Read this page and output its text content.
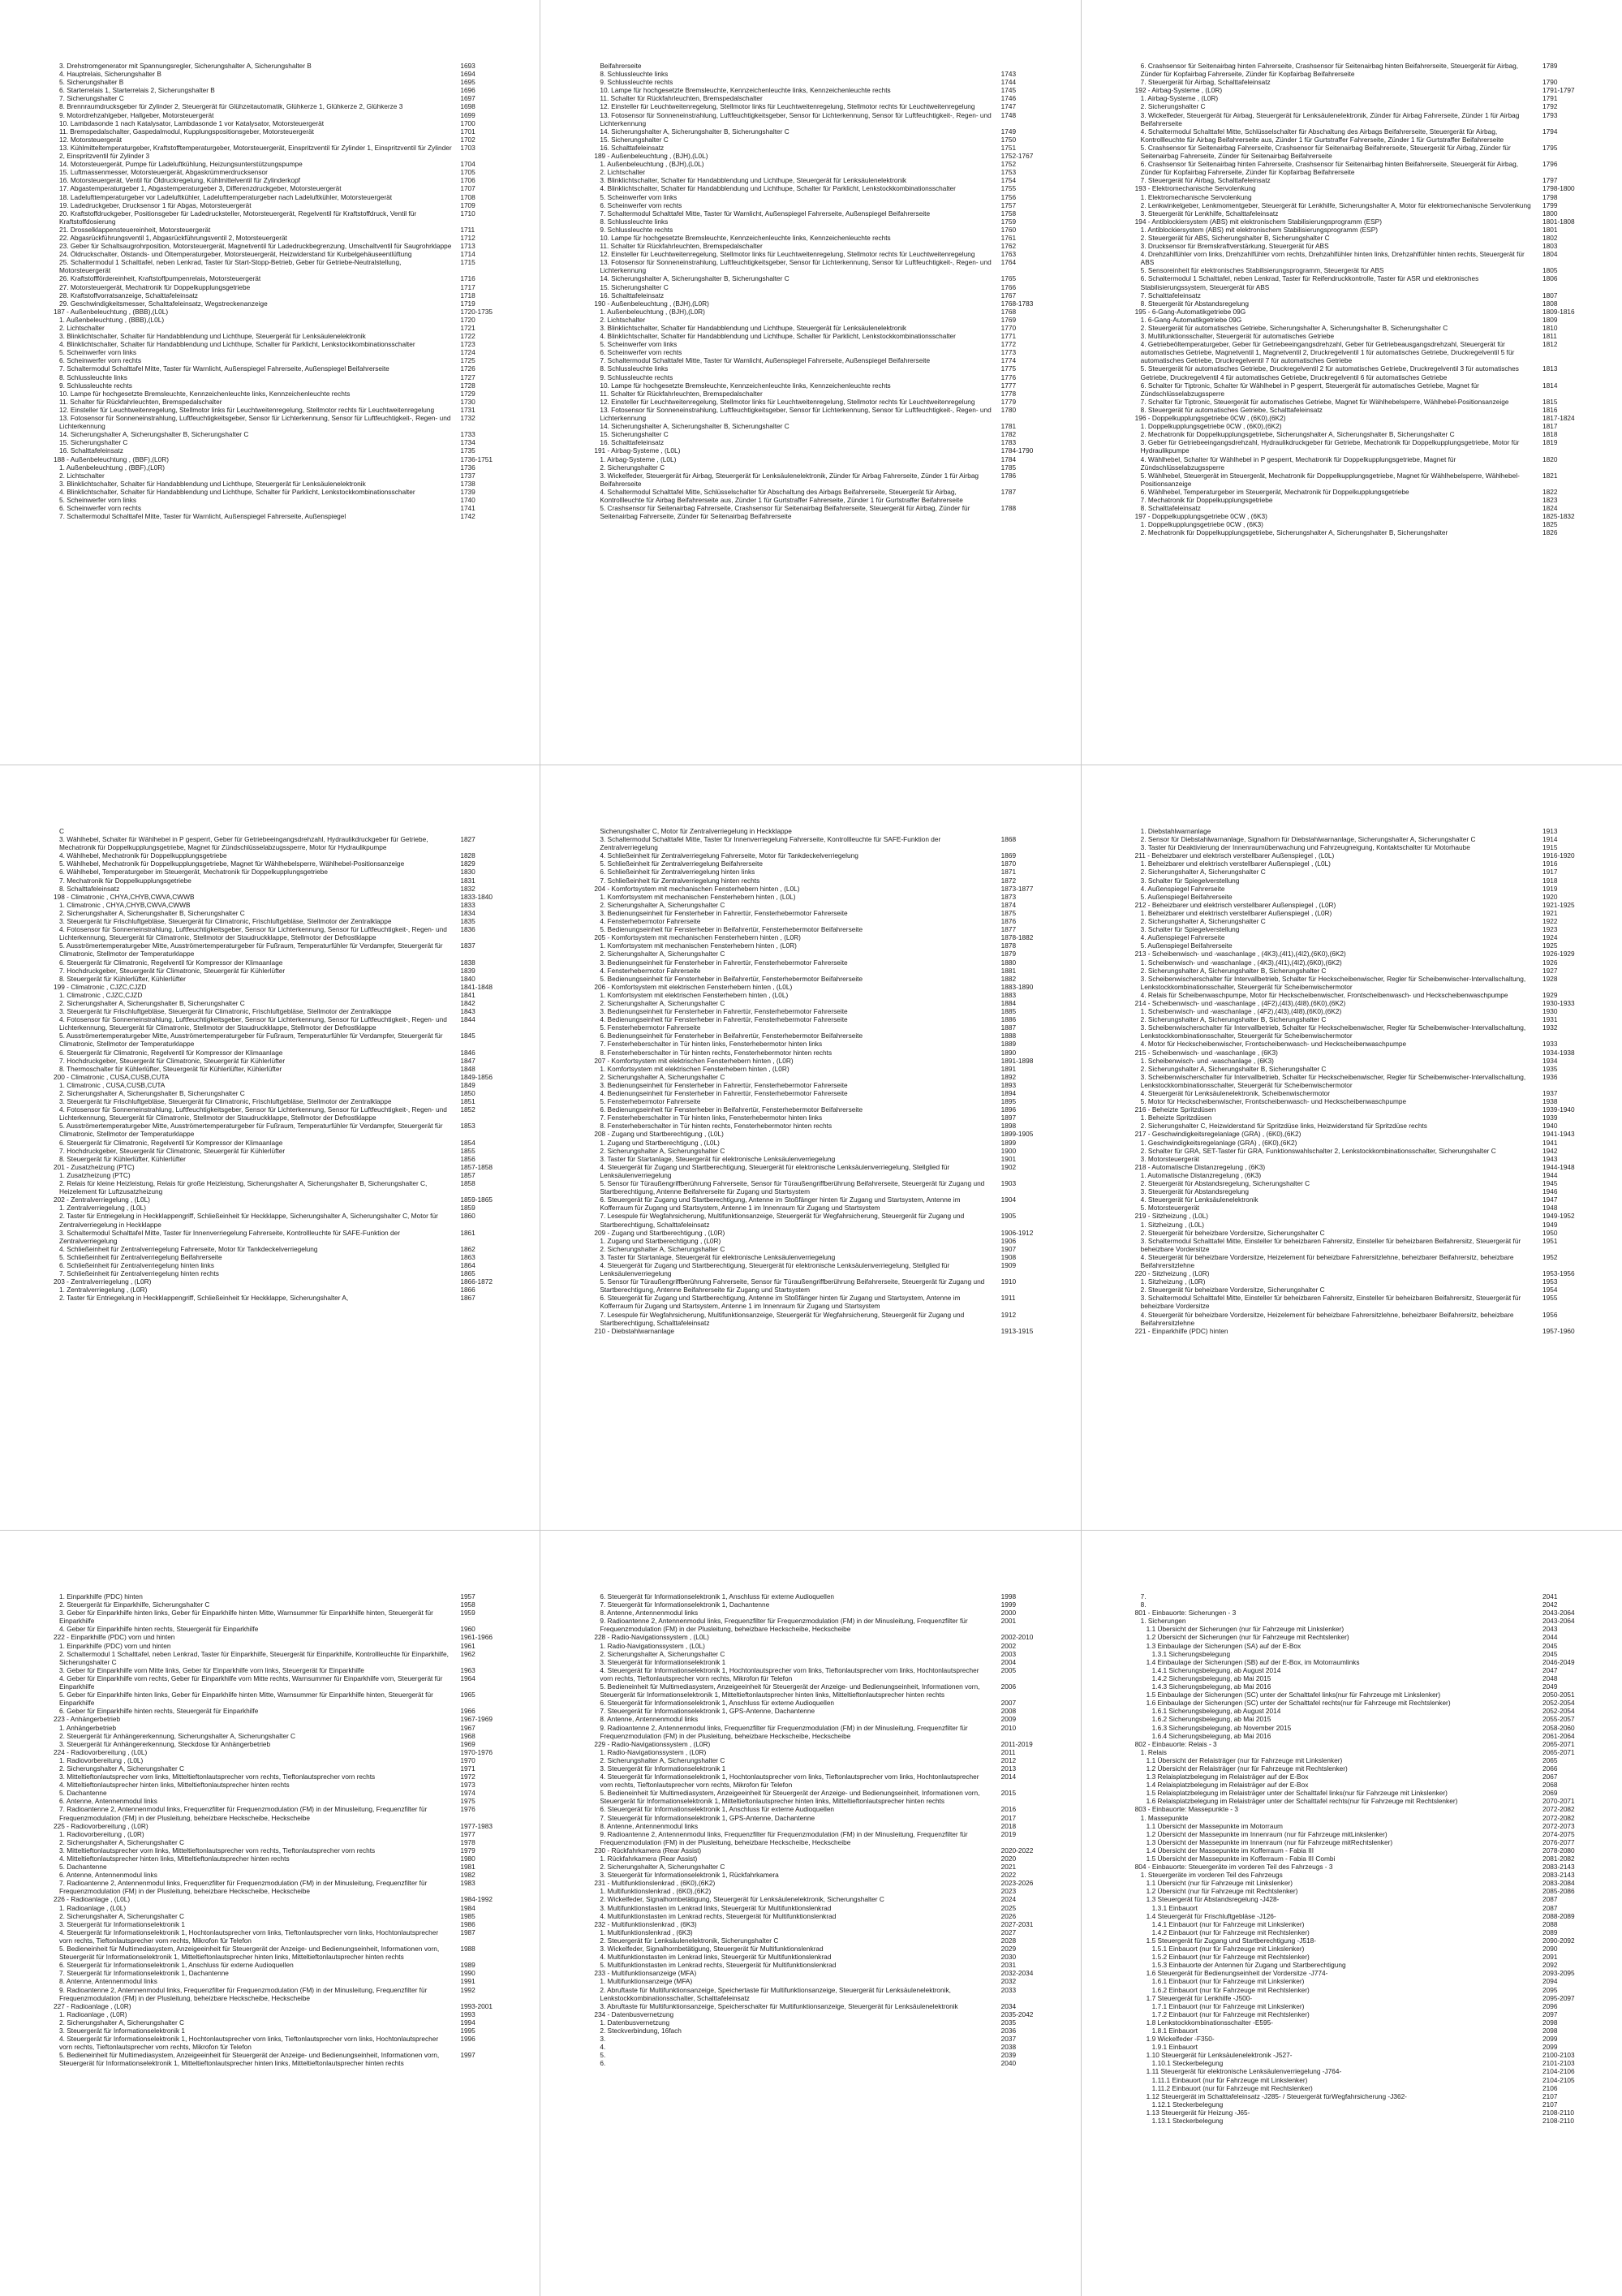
3. Drehstromgenerator mit Spannungsregler, Sicherungshalter A, Sicherungshalter B	1693
4. Hauptrelais, Sicherungshalter B	1694
5. Sicherungshalter B	1695
6. Starterrelais 1, Starterrelais 2, Sicherungshalter B	1696
7. Sicherungshalter C	1697
8. Brennraumdrucksgeber für Zylinder 2, Steuergerät für Glühzeitautomatik, Glühkerze 1, Glühkerze 2, Glühkerze 3	1698
9. Motordrehzahlgeber, Hallgeber, Motorsteuergerät	1699
10. Lambdasonde 1 nach Katalysator, Lambdasonde 1 vor Katalysator, Motorsteuergerät	1700
11. Bremspedalschalter, Gaspedalmodul, Kupplungspositionsgeber, Motorsteuergerät	1701
12. Motorsteuergerät	1702
13. Kühlmitteltemperaturgeber, Kraftstofftemperaturgeber, Motorsteuergerät, Einspritzventil für Zylinder 1, Einspritzventil für Zylinder 2, Einspritzventil für Zylinder 3
1703
14. Motorsteuergerät, Pumpe für Ladeluftkühlung, Heizungsunterstützungspumpe	1704
15. Luftmassenmesser, Motorsteuergerät, Abgaskrümmerdrucksensor	1705
16. Motorsteuergerät, Ventil für Öldruckregelung, Kühlmittelventil für Zylinderkopf	1706
17. Abgastemperaturgeber 1, Abgastemperaturgeber 3, Differenzdruckgeber, Motorsteuergerät	1707
18. Ladelufttemperaturgeber vor Ladeluftkühler, Ladelufttemperaturgeber nach Ladeluftkühler, Motorsteuergerät	1708
19. Ladedruckgeber, Drucksensor 1 für Abgas, Motorsteuergerät	1709
20. Kraftstoffdruckgeber, Positionsgeber für Ladedrucksteller, Motorsteuergerät, Regelventil für Kraftstoffdruck, Ventil für Kraftstoffdosierung
1710
21. Drosselklappensteuereinheit, Motorsteuergerät	1711
22. Abgasrückführungsventil 1, Abgasrückführungsventil 2, Motorsteuergerät	1712
23. Geber für Schaltsaugrohrposition, Motorsteuergerät, Magnetventil für Ladedruckbegrenzung, Umschaltventil für Saugrohrklappe	1713
24. Öldruckschalter, Ölstands- und Öltemperaturgeber, Motorsteuergerät, Heizwiderstand für Kurbelgehäuseentlüftung	1714
25. Schaltermodul 1 Schalttafel, neben Lenkrad, Taster für Start-Stopp-Betrieb, Geber für Getriebe-Neutralstellung, Motorsteuergerät
1715
26. Kraftstofffördereinheit, Kraftstoffpumpenrelais, Motorsteuergerät	1716
27. Motorsteuergerät, Mechatronik für Doppelkupplungsgetriebe	1717
28. Kraftstoffvorratsanzeige, Schalttafeleinsatz	1718
29. Geschwindigkeitsmesser, Schalttafeleinsatz, Wegstreckenanzeige	1719
187 - Außenbeleuchtung , (BBB),(L0L)	1720-1735
1. Außenbeleuchtung , (BBB),(L0L)	1720
2. Lichtschalter	1721
3. Blinklichtschalter, Schalter für Handabblendung und Lichthupe, Steuergerät für Lenksäulenelektronik	1722
4. Blinklichtschalter, Schalter für Handabblendung und Lichthupe, Schalter für Parklicht, Lenkstockkombinationsschalter	1723
5. Scheinwerfer vorn links	1724
6. Scheinwerfer vorn rechts	1725
7. Schaltermodul Schalttafel Mitte, Taster für Warnlicht, Außenspiegel Fahrerseite, Außenspiegel Beifahrerseite	1726
8. Schlussleuchte links	1727
9. Schlussleuchte rechts	1728
10. Lampe für hochgesetzte Bremsleuchte, Kennzeichenleuchte links, Kennzeichenleuchte rechts	1729
11. Schalter für Rückfahrleuchten, Bremspedalschalter	1730
12. Einsteller für Leuchtweitenregelung, Stellmotor links für Leuchtweitenregelung, Stellmotor rechts für Leuchtweitenregelung	1731
13. Fotosensor für Sonneneinstrahlung, Luftfeuchtigkeitsgeber, Sensor für Lichterkennung, Sensor für Luftfeuchtigkeit-, Regen- und Lichterkennung
1732
14. Sicherungshalter A, Sicherungshalter B, Sicherungshalter C	1733
15. Sicherungshalter C	1734
16. Schalttafeleinsatz	1735
188 - Außenbeleuchtung , (BBF),(L0R)	1736-1751
1. Außenbeleuchtung , (BBF),(L0R)	1736
2. Lichtschalter	1737
3. Blinklichtschalter, Schalter für Handabblendung und Lichthupe, Steuergerät für Lenksäulenelektronik	1738
4. Blinklichtschalter, Schalter für Handabblendung und Lichthupe, Schalter für Parklicht, Lenkstockkombinationsschalter	1739
5. Scheinwerfer vorn links	1740
6. Scheinwerfer vorn rechts	1741
7. Schaltermodul Schalttafel Mitte, Taster für Warnlicht, Außenspiegel Fahrerseite, Außenspiegel	1742
Beifahrerseite
8. Schlussleuchte links	1743
9. Schlussleuchte rechts	1744
10. Lampe für hochgesetzte Bremsleuchte, Kennzeichenleuchte links, Kennzeichenleuchte rechts	1745
11. Schalter für Rückfahrleuchten, Bremspedalschalter	1746
12. Einsteller für Leuchtweitenregelung, Stellmotor links für Leuchtweitenregelung, Stellmotor rechts für Leuchtweitenregelung	1747
13. Fotosensor für Sonneneinstrahlung, Luftfeuchtigkeitsgeber, Sensor für Lichterkennung, Sensor für Luftfeuchtigkeit-, Regen- und Lichterkennung
1748
14. Sicherungshalter A, Sicherungshalter B, Sicherungshalter C	1749
15. Sicherungshalter C	1750
16. Schalttafeleinsatz	1751
189 - Außenbeleuchtung , (BJH),(L0L)	1752-1767
1. Außenbeleuchtung , (BJH),(L0L)	1752
2. Lichtschalter	1753
3. Blinklichtschalter, Schalter für Handabblendung und Lichthupe, Steuergerät für Lenksäulenelektronik	1754
4. Blinklichtschalter, Schalter für Handabblendung und Lichthupe, Schalter für Parklicht, Lenkstockkombinationsschalter	1755
5. Scheinwerfer vorn links	1756
6. Scheinwerfer vorn rechts	1757
7. Schaltermodul Schalttafel Mitte, Taster für Warnlicht, Außenspiegel Fahrerseite, Außenspiegel Beifahrerseite	1758
8. Schlussleuchte links	1759
9. Schlussleuchte rechts	1760
10. Lampe für hochgesetzte Bremsleuchte, Kennzeichenleuchte links, Kennzeichenleuchte rechts	1761
11. Schalter für Rückfahrleuchten, Bremspedalschalter	1762
12. Einsteller für Leuchtweitenregelung, Stellmotor links für Leuchtweitenregelung, Stellmotor rechts für Leuchtweitenregelung	1763
13. Fotosensor für Sonneneinstrahlung, Luftfeuchtigkeitsgeber, Sensor für Lichterkennung, Sensor für Luftfeuchtigkeit-, Regen- und Lichterkennung
1764
14. Sicherungshalter A, Sicherungshalter B, Sicherungshalter C	1765
15. Sicherungshalter C	1766
16. Schalttafeleinsatz	1767
190 - Außenbeleuchtung , (BJH),(L0R)	1768-1783
1. Außenbeleuchtung , (BJH),(L0R)	1768
2. Lichtschalter	1769
3. Blinklichtschalter, Schalter für Handabblendung und Lichthupe, Steuergerät für Lenksäulenelektronik	1770
4. Blinklichtschalter, Schalter für Handabblendung und Lichthupe, Schalter für Parklicht, Lenkstockkombinationsschalter	1771
5. Scheinwerfer vorn links	1772
6. Scheinwerfer vorn rechts	1773
7. Schaltermodul Schalttafel Mitte, Taster für Warnlicht, Außenspiegel Fahrerseite, Außenspiegel Beifahrerseite	1774
8. Schlussleuchte links	1775
9. Schlussleuchte rechts	1776
10. Lampe für hochgesetzte Bremsleuchte, Kennzeichenleuchte links, Kennzeichenleuchte rechts	1777
11. Schalter für Rückfahrleuchten, Bremspedalschalter	1778
12. Einsteller für Leuchtweitenregelung, Stellmotor links für Leuchtweitenregelung, Stellmotor rechts für Leuchtweitenregelung	1779
13. Fotosensor für Sonneneinstrahlung, Luftfeuchtigkeitsgeber, Sensor für Lichterkennung, Sensor für Luftfeuchtigkeit-, Regen- und Lichterkennung
1780
14. Sicherungshalter A, Sicherungshalter B, Sicherungshalter C	1781
15. Sicherungshalter C	1782
16. Schalttafeleinsatz	1783
191 - Airbag-Systeme , (L0L)	1784-1790
1. Airbag-Systeme , (L0L)	1784
2. Sicherungshalter C	1785
3. Wickelfeder, Steuergerät für Airbag, Steuergerät für Lenksäulenelektronik, Zünder für Airbag Fahrerseite, Zünder 1 für Airbag Beifahrerseite
1786
4. Schaltermodul Schalttafel Mitte, Schlüsselschalter für Abschaltung des Airbags Beifahrerseite, Steuergerät für Airbag, Kontrollleuchte für Airbag Beifahrerseite aus, Zünder 1 für Gurtstraffer Fahrerseite, Zünder 1 für Gurtstraffer Beifahrerseite
1787
5. Crashsensor für Seitenairbag Fahrerseite, Crashsensor für Seitenairbag Beifahrerseite, Steuergerät für Airbag, Zünder für Seitenairbag Fahrerseite, Zünder für Seitenairbag Beifahrerseite
1788
6. Crashsensor für Seitenairbag hinten Fahrerseite, Crashsensor für Seitenairbag hinten Beifahrerseite, Steuergerät für Airbag, Zünder für Kopfairbag Fahrerseite, Zünder für Kopfairbag Beifahrerseite
1789
7. Steuergerät für Airbag, Schalttafeleinsatz	1790
192 - Airbag-Systeme , (L0R)	1791-1797
1. Airbag-Systeme , (L0R)	1791
2. Sicherungshalter C	1792
3. Wickelfeder, Steuergerät für Airbag, Steuergerät für Lenksäulenelektronik, Zünder für Airbag Fahrerseite, Zünder 1 für Airbag Beifahrerseite
1793
4. Schaltermodul Schalttafel Mitte, Schlüsselschalter für Abschaltung des Airbags Beifahrerseite, Steuergerät für Airbag, Kontrollleuchte für Airbag Beifahrerseite aus, Zünder 1 für Gurtstraffer Fahrerseite, Zünder 1 für Gurtstraffer Beifahrerseite
1794
5. Crashsensor für Seitenairbag Fahrerseite, Crashsensor für Seitenairbag Beifahrerseite, Steuergerät für Airbag, Zünder für Seitenairbag Fahrerseite, Zünder für Seitenairbag Beifahrerseite
1795
6. Crashsensor für Seitenairbag hinten Fahrerseite, Crashsensor für Seitenairbag hinten Beifahrerseite, Steuergerät für Airbag, Zünder für Kopfairbag Fahrerseite, Zünder für Kopfairbag Beifahrerseite
1796
7. Steuergerät für Airbag, Schalttafeleinsatz	1797
193 - Elektromechanische Servolenkung	1798-1800
1. Elektromechanische Servolenkung	1798
2. Lenkwinkelgeber, Lenkmomentgeber, Steuergerät für Lenkhilfe, Sicherungshalter A, Motor für elektromechanische Servolenkung	1799
3. Steuergerät für Lenkhilfe, Schalttafeleinsatz	1800
194 - Antiblockiersystem (ABS) mit elektronischem Stabilisierungsprogramm (ESP)	1801-1808
1. Antiblockiersystem (ABS) mit elektronischem Stabilisierungsprogramm (ESP)	1801
2. Steuergerät für ABS, Sicherungshalter B, Sicherungshalter C	1802
3. Drucksensor für Bremskraftverstärkung, Steuergerät für ABS	1803
4. Drehzahlfühler vorn links, Drehzahlfühler vorn rechts, Drehzahlfühler hinten links, Drehzahlfühler hinten rechts, Steuergerät für ABS
1804
5. Sensoreinheit für elektronisches Stabilisierungsprogramm, Steuergerät für ABS	1805
6. Schaltermodul 1 Schalttafel, neben Lenkrad, Taster für Reifendruckkontrolle, Taster für ASR und elektronisches Stabilisierungssystem, Steuergerät für ABS
1806
7. Schalttafeleinsatz	1807
8. Steuergerät für Abstandsregelung	1808
195 - 6-Gang-Automatikgetriebe 09G	1809-1816
1. 6-Gang-Automatikgetriebe 09G	1809
2. Steuergerät für automatisches Getriebe, Sicherungshalter A, Sicherungshalter B, Sicherungshalter C	1810
3. Multifunktionsschalter, Steuergerät für automatisches Getriebe	1811
4. Getriebeöltemperaturgeber, Geber für Getriebeeingangsdrehzahl, Geber für Getriebeausgangsdrehzahl, Steuergerät für automatisches Getriebe, Magnetventil 1, Magnetventil 2, Druckregelventil 1 für automatisches Getriebe, Druckregelventil 5 für automatisches Getriebe, Druckregelventil 7 für automatisches Getriebe
1812
5. Steuergerät für automatisches Getriebe, Druckregelventil 2 für automatisches Getriebe, Druckregelventil 3 für automatisches Getriebe, Druckregelventil 4 für automatisches Getriebe, Druckregelventil 6 für automatisches Getriebe
1813
6. Schalter für Tiptronic, Schalter für Wählhebel in P gesperrt, Steuergerät für automatisches Getriebe, Magnet für Zündschlüsselabzugssperre
1814
7. Schalter für Tiptronic, Steuergerät für automatisches Getriebe, Magnet für Wählhebelsperre, Wählhebel-Positionsanzeige	1815
8. Steuergerät für automatisches Getriebe, Schalttafeleinsatz	1816
196 - Doppelkupplungsgetriebe 0CW , (6K0),(6K2)	1817-1824
1. Doppelkupplungsgetriebe 0CW , (6K0),(6K2)	1817
2. Mechatronik für Doppelkupplungsgetriebe, Sicherungshalter A, Sicherungshalter B, Sicherungshalter C	1818
3. Geber für Getriebeeingangsdrehzahl, Hydraulikdruckgeber für Getriebe, Mechatronik für Doppelkupplungsgetriebe, Motor für Hydraulikpumpe
1819
4. Wählhebel, Schalter für Wählhebel in P gesperrt, Mechatronik für Doppelkupplungsgetriebe, Magnet für Zündschlüsselabzugssperre
1820
5. Wählhebel, Steuergerät im Steuergerät, Mechatronik für Doppelkupplungsgetriebe, Magnet für Wählhebelsperre, Wählhebel-Positionsanzeige
1821
6. Wählhebel, Temperaturgeber im Steuergerät, Mechatronik für Doppelkupplungsgetriebe	1822
7. Mechatronik für Doppelkupplungsgetriebe	1823
8. Schalttafeleinsatz	1824
197 - Doppelkupplungsgetriebe 0CW , (6K3)	1825-1832
1. Doppelkupplungsgetriebe 0CW , (6K3)	1825
2. Mechatronik für Doppelkupplungsgetriebe, Sicherungshalter A, Sicherungshalter B, Sicherungshalter	1826
C
3. Wählhebel, Schalter für Wählhebel in P gesperrt, Geber für Getriebeeingangsdrehzahl, Hydraulikdruckgeber für Getriebe, Mechatronik für Doppelkupplungsgetriebe, Magnet für Zündschlüsselabzugssperre, Motor für Hydraulikpumpe
1827
4. Wählhebel, Mechatronik für Doppelkupplungsgetriebe	1828
5. Wählhebel, Mechatronik für Doppelkupplungsgetriebe, Magnet für Wählhebelsperre, Wählhebel-Positionsanzeige	1829
6. Wählhebel, Temperaturgeber im Steuergerät, Mechatronik für Doppelkupplungsgetriebe	1830
7. Mechatronik für Doppelkupplungsgetriebe	1831
8. Schalttafeleinsatz	1832
198 - Climatronic , CHYA,CHYB,CWVA,CWWB	1833-1840
1. Climatronic , CHYA,CHYB,CWVA,CWWB	1833
2. Sicherungshalter A, Sicherungshalter B, Sicherungshalter C	1834
3. Steuergerät für Frischluftgebläse, Steuergerät für Climatronic, Frischluftgebläse, Stellmotor der Zentralklappe	1835
4. Fotosensor für Sonneneinstrahlung, Luftfeuchtigkeitsgeber, Sensor für Lichterkennung, Sensor für Luftfeuchtigkeit-, Regen- und Lichterkennung, Steuergerät für Climatronic, Stellmotor der Staudruckklappe, Stellmotor der Defrostklappe
1836
5. Ausströmertemperaturgeber Mitte, Ausströmertemperaturgeber für Fußraum, Temperaturfühler für Verdampfer, Steuergerät für Climatronic, Stellmotor der Temperaturklappe
1837
6. Steuergerät für Climatronic, Regelventil für Kompressor der Klimaanlage	1838
7. Hochdruckgeber, Steuergerät für Climatronic, Steuergerät für Kühlerlüfter	1839
8. Steuergerät für Kühlerlüfter, Kühlerlüfter	1840
199 - Climatronic , CJZC,CJZD	1841-1848
1. Climatronic , CJZC,CJZD	1841
2. Sicherungshalter A, Sicherungshalter B, Sicherungshalter C	1842
3. Steuergerät für Frischluftgebläse, Steuergerät für Climatronic, Frischluftgebläse, Stellmotor der Zentralklappe	1843
4. Fotosensor für Sonneneinstrahlung, Luftfeuchtigkeitsgeber, Sensor für Lichterkennung, Sensor für Luftfeuchtigkeit-, Regen- und Lichterkennung, Steuergerät für Climatronic, Stellmotor der Staudruckklappe, Stellmotor der Defrostklappe
1844
5. Ausströmertemperaturgeber Mitte, Ausströmertemperaturgeber für Fußraum, Temperaturfühler für Verdampfer, Steuergerät für Climatronic, Stellmotor der Temperaturklappe
1845
6. Steuergerät für Climatronic, Regelventil für Kompressor der Klimaanlage	1846
7. Hochdruckgeber, Steuergerät für Climatronic, Steuergerät für Kühlerlüfter	1847
8. Thermoschalter für Kühlerlüfter, Steuergerät für Kühlerlüfter, Kühlerlüfter	1848
200 - Climatronic , CUSA,CUSB,CUTA	1849-1856
1. Climatronic , CUSA,CUSB,CUTA	1849
2. Sicherungshalter A, Sicherungshalter B, Sicherungshalter C	1850
3. Steuergerät für Frischluftgebläse, Steuergerät für Climatronic, Frischluftgebläse, Stellmotor der Zentralklappe	1851
4. Fotosensor für Sonneneinstrahlung, Luftfeuchtigkeitsgeber, Sensor für Lichterkennung, Sensor für Luftfeuchtigkeit-, Regen- und Lichterkennung, Steuergerät für Climatronic, Stellmotor der Staudruckklappe, Stellmotor der Defrostklappe
1852
5. Ausströmertemperaturgeber Mitte, Ausströmertemperaturgeber für Fußraum, Temperaturfühler für Verdampfer, Steuergerät für Climatronic, Stellmotor der Temperaturklappe
1853
6. Steuergerät für Climatronic, Regelventil für Kompressor der Klimaanlage	1854
7. Hochdruckgeber, Steuergerät für Climatronic, Steuergerät für Kühlerlüfter	1855
8. Steuergerät für Kühlerlüfter, Kühlerlüfter	1856
201 - Zusatzheizung (PTC)	1857-1858
1. Zusatzheizung (PTC)	1857
2. Relais für kleine Heizleistung, Relais für große Heizleistung, Sicherungshalter A, Sicherungshalter B, Sicherungshalter C, Heizelement für Luftzusatzheizung
1858
202 - Zentralverriegelung , (L0L)	1859-1865
1. Zentralverriegelung , (L0L)	1859
2. Taster für Entriegelung in Heckklappengriff, Schließeinheit für Heckklappe, Sicherungshalter A, Sicherungshalter C, Motor für Zentralverriegelung in Heckklappe
1860
3. Schaltermodul Schalttafel Mitte, Taster für Innenverriegelung Fahrerseite, Kontrollleuchte für SAFE-Funktion der Zentralverriegelung
1861
4. Schließeinheit für Zentralverriegelung Fahrerseite, Motor für Tankdeckelverriegelung	1862
5. Schließeinheit für Zentralverriegelung Beifahrerseite	1863
6. Schließeinheit für Zentralverriegelung hinten links	1864
7. Schließeinheit für Zentralverriegelung hinten rechts	1865
203 - Zentralverriegelung , (L0R)	1866-1872
1. Zentralverriegelung , (L0R)	1866
2. Taster für Entriegelung in Heckklappengriff, Schließeinheit für Heckklappe, Sicherungshalter A,	1867
Sicherungshalter C, Motor für Zentralverriegelung in Heckklappe
3. Schaltermodul Schalttafel Mitte, Taster für Innenverriegelung Fahrerseite, Kontrollleuchte für SAFE-Funktion der Zentralverriegelung
1868
4. Schließeinheit für Zentralverriegelung Fahrerseite, Motor für Tankdeckelverriegelung	1869
5. Schließeinheit für Zentralverriegelung Beifahrerseite	1870
6. Schließeinheit für Zentralverriegelung hinten links	1871
7. Schließeinheit für Zentralverriegelung hinten rechts	1872
204 - Komfortsystem mit mechanischen Fensterhebern hinten , (L0L)	1873-1877
1. Komfortsystem mit mechanischen Fensterhebern hinten , (L0L)	1873
2. Sicherungshalter A, Sicherungshalter C	1874
3. Bedienungseinheit für Fensterheber in Fahrertür, Fensterhebermotor Fahrerseite	1875
4. Fensterhebermotor Fahrerseite	1876
5. Bedienungseinheit für Fensterheber in Beifahrertür, Fensterhebermotor Beifahrerseite	1877
205 - Komfortsystem mit mechanischen Fensterhebern hinten , (L0R)	1878-1882
1. Komfortsystem mit mechanischen Fensterhebern hinten , (L0R)	1878
2. Sicherungshalter A, Sicherungshalter C	1879
3. Bedienungseinheit für Fensterheber in Fahrertür, Fensterhebermotor Fahrerseite	1880
4. Fensterhebermotor Fahrerseite	1881
5. Bedienungseinheit für Fensterheber in Beifahrertür, Fensterhebermotor Beifahrerseite	1882
206 - Komfortsystem mit elektrischen Fensterhebern hinten , (L0L)	1883-1890
1. Komfortsystem mit elektrischen Fensterhebern hinten , (L0L)	1883
2. Sicherungshalter A, Sicherungshalter C	1884
3. Bedienungseinheit für Fensterheber in Fahrertür, Fensterhebermotor Fahrerseite	1885
4. Bedienungseinheit für Fensterheber in Fahrertür, Fensterhebermotor Fahrerseite	1886
5. Fensterhebermotor Fahrerseite	1887
6. Bedienungseinheit für Fensterheber in Beifahrertür, Fensterhebermotor Beifahrerseite	1888
7. Fensterheberschalter in Tür hinten links, Fensterhebermotor hinten links	1889
8. Fensterheberschalter in Tür hinten rechts, Fensterhebermotor hinten rechts	1890
207 - Komfortsystem mit elektrischen Fensterhebern hinten , (L0R)	1891-1898
1. Komfortsystem mit elektrischen Fensterhebern hinten , (L0R)	1891
2. Sicherungshalter A, Sicherungshalter C	1892
3. Bedienungseinheit für Fensterheber in Fahrertür, Fensterhebermotor Fahrerseite	1893
4. Bedienungseinheit für Fensterheber in Fahrertür, Fensterhebermotor Fahrerseite	1894
5. Fensterhebermotor Fahrerseite	1895
6. Bedienungseinheit für Fensterheber in Beifahrertür, Fensterhebermotor Beifahrerseite	1896
7. Fensterheberschalter in Tür hinten links, Fensterhebermotor hinten links	1897
8. Fensterheberschalter in Tür hinten rechts, Fensterhebermotor hinten rechts	1898
208 - Zugang und Startberechtigung , (L0L)	1899-1905
1. Zugang und Startberechtigung , (L0L)	1899
2. Sicherungshalter A, Sicherungshalter C	1900
3. Taster für Startanlage, Steuergerät für elektronische Lenksäulenverriegelung	1901
4. Steuergerät für Zugang und Startberechtigung, Steuergerät für elektronische Lenksäulenverriegelung, Stellglied für Lenksäulenverriegelung
1902
5. Sensor für Türaußengriffberührung Fahrerseite, Sensor für Türaußengriffberührung Beifahrerseite, Steuergerät für Zugang und Startberechtigung, Antenne Beifahrerseite für Zugang und Startsystem
1903
6. Steuergerät für Zugang und Startberechtigung, Antenne im Stoßfänger hinten für Zugang und Startsystem, Antenne im Kofferraum für Zugang und Startsystem, Antenne 1 im Innenraum für Zugang und Startsystem
1904
7. Lesespule für Wegfahrsicherung, Multifunktionsanzeige, Steuergerät für Wegfahrsicherung, Steuergerät für Zugang und Startberechtigung, Schalttafeleinsatz
1905
209 - Zugang und Startberechtigung , (L0R)	1906-1912
1. Zugang und Startberechtigung , (L0R)	1906
2. Sicherungshalter A, Sicherungshalter C	1907
3. Taster für Startanlage, Steuergerät für elektronische Lenksäulenverriegelung	1908
4. Steuergerät für Zugang und Startberechtigung, Steuergerät für elektronische Lenksäulenverriegelung, Stellglied für Lenksäulenverriegelung
1909
5. Sensor für Türaußengriffberührung Fahrerseite, Sensor für Türaußengriffberührung Beifahrerseite, Steuergerät für Zugang und Startberechtigung, Antenne Beifahrerseite für Zugang und Startsystem
1910
6. Steuergerät für Zugang und Startberechtigung, Antenne im Stoßfänger hinten für Zugang und Startsystem, Antenne im Kofferraum für Zugang und Startsystem, Antenne 1 im Innenraum für Zugang und Startsystem
1911
7. Lesespule für Wegfahrsicherung, Multifunktionsanzeige, Steuergerät für Wegfahrsicherung, Steuergerät für Zugang und Startberechtigung, Schalttafeleinsatz
1912
210 - Diebstahlwarnanlage	1913-1915
1. Diebstahlwarnanlage	1913
2. Sensor für Diebstahlwarnanlage, Signalhorn für Diebstahlwarnanlage, Sicherungshalter A, Sicherungshalter C	1914
3. Taster für Deaktivierung der Innenraumüberwachung und Fahrzeugneigung, Kontaktschalter für Motorhaube	1915
211 - Beheizbarer und elektrisch verstellbarer Außenspiegel , (L0L)	1916-1920
1. Beheizbarer und elektrisch verstellbarer Außenspiegel , (L0L)	1916
2. Sicherungshalter A, Sicherungshalter C	1917
3. Schalter für Spiegelverstellung	1918
4. Außenspiegel Fahrerseite	1919
5. Außenspiegel Beifahrerseite	1920
212 - Beheizbarer und elektrisch verstellbarer Außenspiegel , (L0R)	1921-1925
1. Beheizbarer und elektrisch verstellbarer Außenspiegel , (L0R)	1921
2. Sicherungshalter A, Sicherungshalter C	1922
3. Schalter für Spiegelverstellung	1923
4. Außenspiegel Fahrerseite	1924
5. Außenspiegel Beifahrerseite	1925
213 - Scheibenwisch- und -waschanlage , (4K3),(4I1),(4I2),(6K0),(6K2)	1926-1929
1. Scheibenwisch- und -waschanlage , (4K3),(4I1),(4I2),(6K0),(6K2)	1926
2. Sicherungshalter A, Sicherungshalter B, Sicherungshalter C	1927
3. Scheibenwischerschalter für Intervallbetrieb, Schalter für Heckscheibenwischer, Regler für Scheibenwischer-Intervallschaltung, Lenkstockkombinationsschalter, Steuergerät für Scheibenwischermotor
1928
4. Relais für Scheibenwaschpumpe, Motor für Heckscheibenwischer, Frontscheibenwasch- und Heckscheibenwaschpumpe	1929
214 - Scheibenwisch- und -waschanlage , (4F2),(4I3),(4I8),(6K0),(6K2)	1930-1933
1. Scheibenwisch- und -waschanlage , (4F2),(4I3),(4I8),(6K0),(6K2)	1930
2. Sicherungshalter A, Sicherungshalter B, Sicherungshalter C	1931
3. Scheibenwischerschalter für Intervallbetrieb, Schalter für Heckscheibenwischer, Regler für Scheibenwischer-Intervallschaltung, Lenkstockkombinationsschalter, Steuergerät für Scheibenwischermotor
1932
4. Motor für Heckscheibenwischer, Frontscheibenwasch- und Heckscheibenwaschpumpe	1933
215 - Scheibenwisch- und -waschanlage , (6K3)	1934-1938
1. Scheibenwisch- und -waschanlage , (6K3)	1934
2. Sicherungshalter A, Sicherungshalter B, Sicherungshalter C	1935
3. Scheibenwischerschalter für Intervallbetrieb, Schalter für Heckscheibenwischer, Regler für Scheibenwischer-Intervallschaltung, Lenkstockkombinationsschalter, Steuergerät für Scheibenwischermotor
1936
4. Steuergerät für Lenksäulenelektronik, Scheibenwischermotor	1937
5. Motor für Heckscheibenwischer, Frontscheibenwasch- und Heckscheibenwaschpumpe	1938
216 - Beheizte Spritzdüsen	1939-1940
1. Beheizte Spritzdüsen	1939
2. Sicherungshalter C, Heizwiderstand für Spritzdüse links, Heizwiderstand für Spritzdüse rechts	1940
217 - Geschwindigkeitsregelanlage (GRA) , (6K0),(6K2)	1941-1943
1. Geschwindigkeitsregelanlage (GRA) , (6K0),(6K2)	1941
2. Schalter für GRA, SET-Taster für GRA, Funktionswahlschalter 2, Lenkstockkombinationsschalter, Sicherungshalter C	1942
3. Motorsteuergerät	1943
218 - Automatische Distanzregelung , (6K3)	1944-1948
1. Automatische Distanzregelung , (6K3)	1944
2. Steuergerät für Abstandsregelung, Sicherungshalter C	1945
3. Steuergerät für Abstandsregelung	1946
4. Steuergerät für Lenksäulenelektronik	1947
5. Motorsteuergerät	1948
219 - Sitzheizung , (L0L)	1949-1952
1. Sitzheizung , (L0L)	1949
2. Steuergerät für beheizbare Vordersitze, Sicherungshalter C	1950
3. Schaltermodul Schalttafel Mitte, Einsteller für beheizbaren Fahrersitz, Einsteller für beheizbaren Beifahrersitz, Steuergerät für beheizbare Vordersitze
1951
4. Steuergerät für beheizbare Vordersitze, Heizelement für beheizbare Fahrersitzlehne, beheizbarer Beifahrersitz, beheizbare Beifahrersitzlehne
1952
220 - Sitzheizung , (L0R)	1953-1956
1. Sitzheizung , (L0R)	1953
2. Steuergerät für beheizbare Vordersitze, Sicherungshalter C	1954
3. Schaltermodul Schalttafel Mitte, Einsteller für beheizbaren Fahrersitz, Einsteller für beheizbaren Beifahrersitz, Steuergerät für beheizbare Vordersitze
1955
4. Steuergerät für beheizbare Vordersitze, Heizelement für beheizbare Fahrersitzlehne, beheizbarer Beifahrersitz, beheizbare Beifahrersitzlehne
1956
221 - Einparkhilfe (PDC) hinten	1957-1960
1. Einparkhilfe (PDC) hinten	1957
2. Steuergerät für Einparkhilfe, Sicherungshalter C	1958
3. Geber für Einparkhilfe hinten links, Geber für Einparkhilfe hinten Mitte, Warnsummer für Einparkhilfe hinten, Steuergerät für Einparkhilfe
1959
4. Geber für Einparkhilfe hinten rechts, Steuergerät für Einparkhilfe	1960
222 - Einparkhilfe (PDC) vorn und hinten	1961-1966
1. Einparkhilfe (PDC) vorn und hinten	1961
2. Schaltermodul 1 Schalttafel, neben Lenkrad, Taster für Einparkhilfe, Steuergerät für Einparkhilfe, Kontrollleuchte für Einparkhilfe, Sicherungshalter C
1962
3. Geber für Einparkhilfe vorn Mitte links, Geber für Einparkhilfe vorn links, Steuergerät für Einparkhilfe	1963
4. Geber für Einparkhilfe vorn rechts, Geber für Einparkhilfe vorn Mitte rechts, Warnsummer für Einparkhilfe vorn, Steuergerät für Einparkhilfe
1964
5. Geber für Einparkhilfe hinten links, Geber für Einparkhilfe hinten Mitte, Warnsummer für Einparkhilfe hinten, Steuergerät für Einparkhilfe
1965
6. Geber für Einparkhilfe hinten rechts, Steuergerät für Einparkhilfe	1966
223 - Anhängerbetrieb	1967-1969
1. Anhängerbetrieb	1967
2. Steuergerät für Anhängererkennung, Sicherungshalter A, Sicherungshalter C	1968
3. Steuergerät für Anhängererkennung, Steckdose für Anhängerbetrieb	1969
224 - Radiovorbereitung , (L0L)	1970-1976
1. Radiovorbereitung , (L0L)	1970
2. Sicherungshalter A, Sicherungshalter C	1971
3. Mitteltieftonlautsprecher vorn links, Mitteltieftonlautsprecher vorn rechts, Tieftonlautsprecher vorn rechts	1972
4. Mitteltieftonlautsprecher hinten links, Mitteltieftonlautsprecher hinten rechts	1973
5. Dachantenne	1974
6. Antenne, Antennenmodul links	1975
7. Radioantenne 2, Antennenmodul links, Frequenzfilter für Frequenzmodulation (FM) in der Minusleitung, Frequenzfilter für Frequenzmodulation (FM) in der Plusleitung, beheizbare Heckscheibe, Heckscheibe
1976
225 - Radiovorbereitung , (L0R)	1977-1983
1. Radiovorbereitung , (L0R)	1977
2. Sicherungshalter A, Sicherungshalter C	1978
3. Mitteltieftonlautsprecher vorn links, Mitteltieftonlautsprecher vorn rechts, Tieftonlautsprecher vorn rechts	1979
4. Mitteltieftonlautsprecher hinten links, Mitteltieftonlautsprecher hinten rechts	1980
5. Dachantenne	1981
6. Antenne, Antennenmodul links	1982
7. Radioantenne 2, Antennenmodul links, Frequenzfilter für Frequenzmodulation (FM) in der Minusleitung, Frequenzfilter für Frequenzmodulation (FM) in der Plusleitung, beheizbare Heckscheibe, Heckscheibe
1983
226 - Radioanlage , (L0L)	1984-1992
1. Radioanlage , (L0L)	1984
2. Sicherungshalter A, Sicherungshalter C	1985
3. Steuergerät für Informationselektronik 1	1986
4. Steuergerät für Informationselektronik 1, Hochtonlautsprecher vorn links, Tieftonlautsprecher vorn links, Hochtonlautsprecher vorn rechts, Tieftonlautsprecher vorn rechts, Mikrofon für Telefon
1987
5. Bedieneinheit für Multimediasystem, Anzeigeeinheit für Steuergerät der Anzeige- und Bedienungseinheit, Informationen vorn, Steuergerät für Informationselektronik 1, Mitteltieftonlautsprecher hinten links, Mitteltieftonlautsprecher hinten rechts
1988
6. Steuergerät für Informationselektronik 1, Anschluss für externe Audioquellen	1989
7. Steuergerät für Informationselektronik 1, Dachantenne	1990
8. Antenne, Antennenmodul links	1991
9. Radioantenne 2, Antennenmodul links, Frequenzfilter für Frequenzmodulation (FM) in der Minusleitung, Frequenzfilter für Frequenzmodulation (FM) in der Plusleitung, beheizbare Heckscheibe, Heckscheibe
1992
227 - Radioanlage , (L0R)	1993-2001
1. Radioanlage , (L0R)	1993
2. Sicherungshalter A, Sicherungshalter C	1994
3. Steuergerät für Informationselektronik 1	1995
4. Steuergerät für Informationselektronik 1, Hochtonlautsprecher vorn links, Tieftonlautsprecher vorn links, Hochtonlautsprecher vorn rechts, Tieftonlautsprecher vorn rechts, Mikrofon für Telefon
1996
5. Bedieneinheit für Multimediasystem, Anzeigeeinheit für Steuergerät der Anzeige- und Bedienungseinheit, Informationen vorn, Steuergerät für Informationselektronik 1, Mitteltieftonlautsprecher hinten links, Mitteltieftonlautsprecher hinten rechts
1997
6. Steuergerät für Informationselektronik 1, Anschluss für externe Audioquellen	1998
7. Steuergerät für Informationselektronik 1, Dachantenne	1999
8. Antenne, Antennenmodul links	2000
9. Radioantenne 2, Antennenmodul links, Frequenzfilter für Frequenzmodulation (FM) in der Minusleitung, Frequenzfilter für Frequenzmodulation (FM) in der Plusleitung, beheizbare Heckscheibe, Heckscheibe
2001
228 - Radio-Navigationssystem , (L0L)	2002-2010
1. Radio-Navigationssystem , (L0L)	2002
2. Sicherungshalter A, Sicherungshalter C	2003
3. Steuergerät für Informationselektronik 1	2004
4. Steuergerät für Informationselektronik 1, Hochtonlautsprecher vorn links, Tieftonlautsprecher vorn links, Hochtonlautsprecher vorn rechts, Tieftonlautsprecher vorn rechts, Mikrofon für Telefon
2005
5. Bedieneinheit für Multimediasystem, Anzeigeeinheit für Steuergerät der Anzeige- und Bedienungseinheit, Informationen vorn, Steuergerät für Informationselektronik 1, Mitteltieftonlautsprecher hinten links, Mitteltieftonlautsprecher hinten rechts
2006
6. Steuergerät für Informationselektronik 1, Anschluss für externe Audioquellen	2007
7. Steuergerät für Informationselektronik 1, GPS-Antenne, Dachantenne	2008
8. Antenne, Antennenmodul links	2009
9. Radioantenne 2, Antennenmodul links, Frequenzfilter für Frequenzmodulation (FM) in der Minusleitung, Frequenzfilter für Frequenzmodulation (FM) in der Plusleitung, beheizbare Heckscheibe, Heckscheibe
2010
229 - Radio-Navigationssystem , (L0R)	2011-2019
1. Radio-Navigationssystem , (L0R)	2011
2. Sicherungshalter A, Sicherungshalter C	2012
3. Steuergerät für Informationselektronik 1	2013
4. Steuergerät für Informationselektronik 1, Hochtonlautsprecher vorn links, Tieftonlautsprecher vorn links, Hochtonlautsprecher vorn rechts, Tieftonlautsprecher vorn rechts, Mikrofon für Telefon
2014
5. Bedieneinheit für Multimediasystem, Anzeigeeinheit für Steuergerät der Anzeige- und Bedienungseinheit, Informationen vorn, Steuergerät für Informationselektronik 1, Mitteltieftonlautsprecher hinten links, Mitteltieftonlautsprecher hinten rechts
2015
6. Steuergerät für Informationselektronik 1, Anschluss für externe Audioquellen	2016
7. Steuergerät für Informationselektronik 1, GPS-Antenne, Dachantenne	2017
8. Antenne, Antennenmodul links	2018
9. Radioantenne 2, Antennenmodul links, Frequenzfilter für Frequenzmodulation (FM) in der Minusleitung, Frequenzfilter für Frequenzmodulation (FM) in der Plusleitung, beheizbare Heckscheibe, Heckscheibe
2019
230 - Rückfahrkamera (Rear Assist)	2020-2022
1. Rückfahrkamera (Rear Assist)	2020
2. Sicherungshalter A, Sicherungshalter C	2021
3. Steuergerät für Informationselektronik 1, Rückfahrkamera	2022
231 - Multifunktionslenkrad , (6K0),(6K2)	2023-2026
1. Multifunktionslenkrad , (6K0),(6K2)	2023
2. Wickelfeder, Signalhornbetätigung, Steuergerät für Lenksäulenelektronik, Sicherungshalter C	2024
3. Multifunktionstasten im Lenkrad links, Steuergerät für Multifunktionslenkrad	2025
4. Multifunktionstasten im Lenkrad rechts, Steuergerät für Multifunktionslenkrad	2026
232 - Multifunktionslenkrad , (6K3)	2027-2031
1. Multifunktionslenkrad , (6K3)	2027
2. Steuergerät für Lenksäulenelektronik, Sicherungshalter C	2028
3. Wickelfeder, Signalhornbetätigung, Steuergerät für Multifunktionslenkrad	2029
4. Multifunktionstasten im Lenkrad links, Steuergerät für Multifunktionslenkrad	2030
5. Multifunktionstasten im Lenkrad rechts, Steuergerät für Multifunktionslenkrad	2031
233 - Multifunktionsanzeige (MFA)	2032-2034
1. Multifunktionsanzeige (MFA)	2032
2. Abruftaste für Multifunktionsanzeige, Speichertaste für Multifunktionsanzeige, Steuergerät für Lenksäulenelektronik, Lenkstockkombinationsschalter, Schalttafeleinsatz
2033
3. Abruftaste für Multifunktionsanzeige, Speicherschalter für Multifunktionsanzeige, Steuergerät für Lenksäulenelektronik	2034
234 - Datenbusvernetzung	2035-2042
1. Datenbusvernetzung	2035
2. Steckverbindung, 16fach	2036
3.	2037
4.	2038
5.	2039
6.	2040
7.	2041
8.	2042
801 - Einbauorte: Sicherungen - 3	2043-2064
1. Sicherungen	2043-2064
1.1 Übersicht der Sicherungen (nur für Fahrzeuge mit Linkslenker)	2043
1.2 Übersicht der Sicherungen (nur für Fahrzeuge mit Rechtslenker)	2044
1.3 Einbaulage der Sicherungen (SA) auf der E-Box	2045
1.3.1 Sicherungsbelegung	2045
1.4 Einbaulage der Sicherungen (SB) auf der E-Box, im Motorraumlinks	2046-2049
1.4.1 Sicherungsbelegung, ab August 2014	2047
1.4.2 Sicherungsbelegung, ab Mai 2015	2048
1.4.3 Sicherungsbelegung, ab Mai 2016	2049
1.5 Einbaulage der Sicherungen (SC) unter der Schalttafel links(nur für Fahrzeuge mit Linkslenker)	2050-2051
1.6 Einbaulage der Sicherungen (SC) unter der Schalttafel rechts(nur für Fahrzeuge mit Rechtslenker)	2052-2054
1.6.1 Sicherungsbelegung, ab August 2014	2052-2054
1.6.2 Sicherungsbelegung, ab Mai 2015	2055-2057
1.6.3 Sicherungsbelegung, ab November 2015	2058-2060
1.6.4 Sicherungsbelegung, ab Mai 2016	2061-2064
802 - Einbauorte: Relais - 3	2065-2071
1. Relais	2065-2071
1.1 Übersicht der Relaisträger (nur für Fahrzeuge mit Linkslenker)	2065
1.2 Übersicht der Relaisträger (nur für Fahrzeuge mit Rechtslenker)	2066
1.3 Relaisplatzbelegung im Relaisträger auf der E-Box	2067
1.4 Relaisplatzbelegung im Relaisträger auf der E-Box	2068
1.5 Relaisplatzbelegung im Relaisträger unter der Schalttafel links(nur für Fahrzeuge mit Linkslenker)	2069
1.6 Relaisplatzbelegung im Relaisträger unter der Schalttafel rechts(nur für Fahrzeuge mit Rechtslenker)	2070-2071
803 - Einbauorte: Massepunkte - 3	2072-2082
1. Massepunkte	2072-2082
1.1 Übersicht der Massepunkte im Motorraum	2072-2073
1.2 Übersicht der Massepunkte im Innenraum (nur für Fahrzeuge mitLinkslenker)	2074-2075
1.3 Übersicht der Massepunkte im Innenraum (nur für Fahrzeuge mitRechtslenker)	2076-2077
1.4 Übersicht der Massepunkte im Kofferraum - Fabia III	2078-2080
1.5 Übersicht der Massepunkte im Kofferraum - Fabia III Combi	2081-2082
804 - Einbauorte: Steuergeräte im vorderen Teil des Fahrzeugs - 3	2083-2143
1. Steuergeräte im vorderen Teil des Fahrzeugs	2083-2143
1.1 Übersicht (nur für Fahrzeuge mit Linkslenker)	2083-2084
1.2 Übersicht (nur für Fahrzeuge mit Rechtslenker)	2085-2086
1.3 Steuergerät für Abstandsregelung -J428-	2087
1.3.1 Einbauort	2087
1.4 Steuergerät für Frischluftgebläse -J126-	2088-2089
1.4.1 Einbauort (nur für Fahrzeuge mit Linkslenker)	2088
1.4.2 Einbauort (nur für Fahrzeuge mit Rechtslenker)	2089
1.5 Steuergerät für Zugang und Startberechtigung -J518-	2090-2092
1.5.1 Einbauort (nur für Fahrzeuge mit Linkslenker)	2090
1.5.2 Einbauort (nur für Fahrzeuge mit Rechtslenker)	2091
1.5.3 Einbauorte der Antennen für Zugang und Startberechtigung	2092
1.6 Steuergerät für Bedienungseinheit der Vordersitze -J774-	2093-2095
1.6.1 Einbauort (nur für Fahrzeuge mit Linkslenker)	2094
1.6.2 Einbauort (nur für Fahrzeuge mit Rechtslenker)	2095
1.7 Steuergerät für Lenkhilfe -J500-	2095-2097
1.7.1 Einbauort (nur für Fahrzeuge mit Linkslenker)	2096
1.7.2 Einbauort (nur für Fahrzeuge mit Rechtslenker)	2097
1.8 Lenkstockkombinationsschalter -E595-	2098
1.8.1 Einbauort	2098
1.9 Wickelfeder -F350-	2099
1.9.1 Einbauort	2099
1.10 Steuergerät für Lenksäulenelektronik -J527-	2100-2103
1.10.1 Steckerbelegung	2101-2103
1.11 Steuergerät für elektronische Lenksäulenverriegelung -J764-	2104-2106
1.11.1 Einbauort (nur für Fahrzeuge mit Linkslenker)	2104-2105
1.11.2 Einbauort (nur für Fahrzeuge mit Rechtslenker)	2106
1.12 Steuergerät im Schalttafeleinsatz -J285- / Steuergerät fürWegfahrsicherung -J362-	2107
1.12.1 Steckerbelegung	2107
1.13 Steuergerät für Heizung -J65-	2108-2110
1.13.1 Steckerbelegung	2108-2110
